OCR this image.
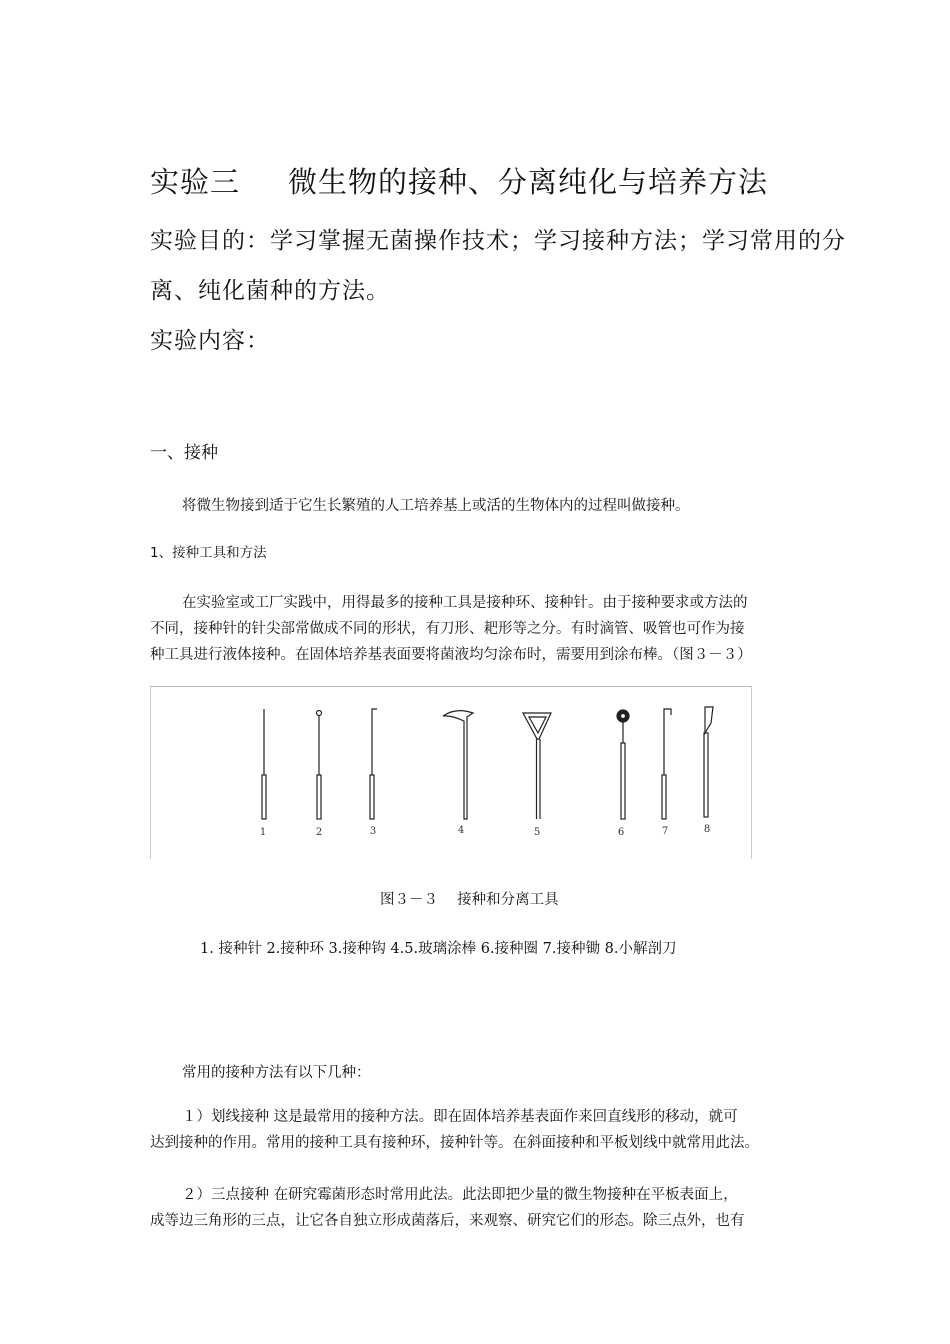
实验三 微生物的接种、分离纯化与培养方法
实验目的：学习掌握无菌操作技术；学习接种方法；学习常用的分
离、纯化菌种的方法。
实验内容：
一、接种
将微生物接到适于它生长繁殖的人工培养基上或活的生物体内的过程叫做接种。
1、接种工具和方法
在实验室或工厂实践中，用得最多的接种工具是接种环、接种针。由于接种要求或方法的
不同，接种针的针尖部常做成不同的形状，有刀形、耙形等之分。有时滴管、吸管也可作为接
种工具进行液体接种。在固体培养基表面要将菌液均匀涂布时，需要用到涂布棒。（图３－３）
1	2	3	4	5	6	7	8
图３－３　 接种和分离工具
1. 接种针 2.接种环 3.接种钩 4.5.玻璃涂棒 6.接种圈 7.接种锄 8.小解剖刀
常用的接种方法有以下几种：
１）划线接种 这是最常用的接种方法。即在固体培养基表面作来回直线形的移动，就可
达到接种的作用。常用的接种工具有接种环，接种针等。在斜面接种和平板划线中就常用此法。
２）三点接种 在研究霉菌形态时常用此法。此法即把少量的微生物接种在平板表面上，
成等边三角形的三点，让它各自独立形成菌落后，来观察、研究它们的形态。除三点外，也有
